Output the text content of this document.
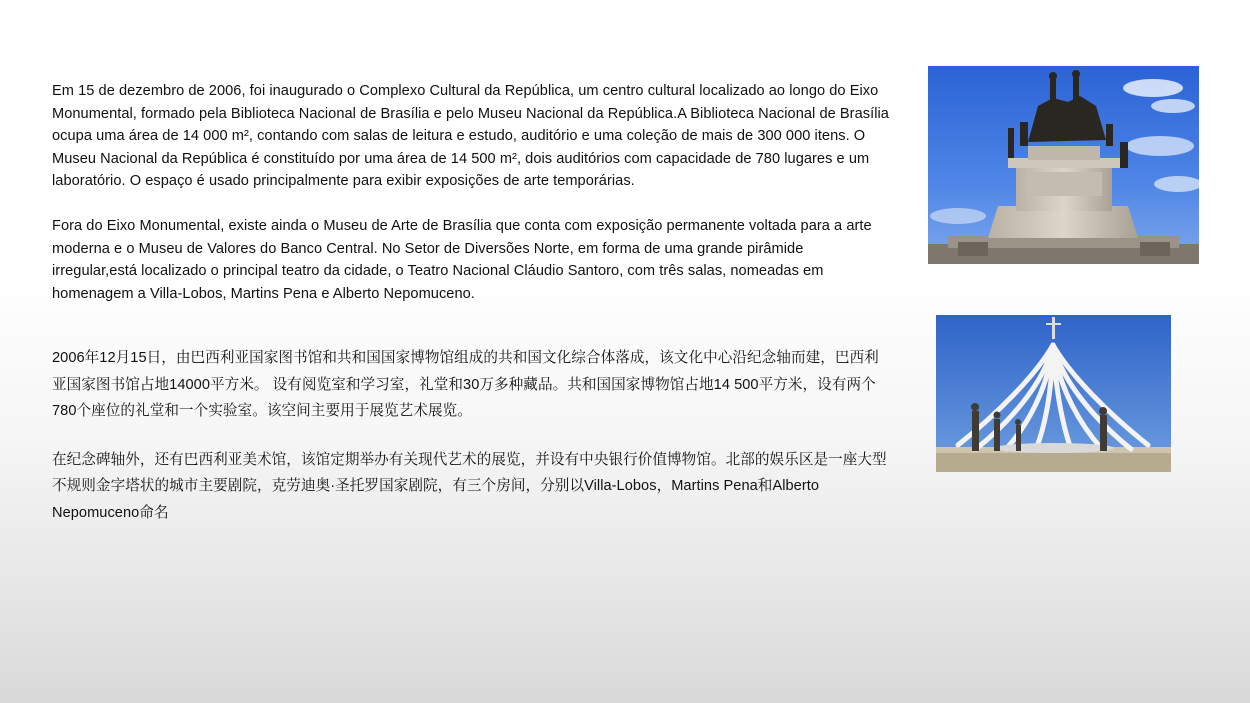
Em 15 de dezembro de 2006, foi inaugurado o Complexo Cultural da República, um centro cultural localizado ao longo do Eixo Monumental, formado pela Biblioteca Nacional de Brasília e pelo Museu Nacional da República.A Biblioteca Nacional de Brasília ocupa uma área de 14 000 m², contando com salas de leitura e estudo, auditório e uma coleção de mais de 300 000 itens. O Museu Nacional da República é constituído por uma área de 14 500 m², dois auditórios com capacidade de 780 lugares e um laboratório. O espaço é usado principalmente para exibir exposições de arte temporárias.

Fora do Eixo Monumental, existe ainda o Museu de Arte de Brasília que conta com exposição permanente voltada para a arte moderna e o Museu de Valores do Banco Central. No Setor de Diversões Norte, em forma de uma grande pirâmide irregular,está localizado o principal teatro da cidade, o Teatro Nacional Cláudio Santoro, com três salas, nomeadas em homenagem a Villa-Lobos, Martins Pena e Alberto Nepomuceno.

2006年12月15日，由巴西利亚国家图书馆和共和国国家博物馆组成的共和国文化综合体落成，该文化中心沿纪念轴而建，巴西利亚国家图书馆占地14000平方米。 设有阅览室和学习室，礼堂和30万多种藏品。共和国国家博物馆占地14 500平方米，设有两个780个座位的礼堂和一个实验室。该空间主要用于展览艺术展览。

在纪念碑轴外，还有巴西利亚美术馆，该馆定期举办有关现代艺术的展览，并设有中央银行价值博物馆。北部的娱乐区是一座大型不规则金字塔状的城市主要剧院，克劳迪奥·圣托罗国家剧院，有三个房间，分别以Villa-Lobos，Martins Pena和Alberto Nepomuceno命名
